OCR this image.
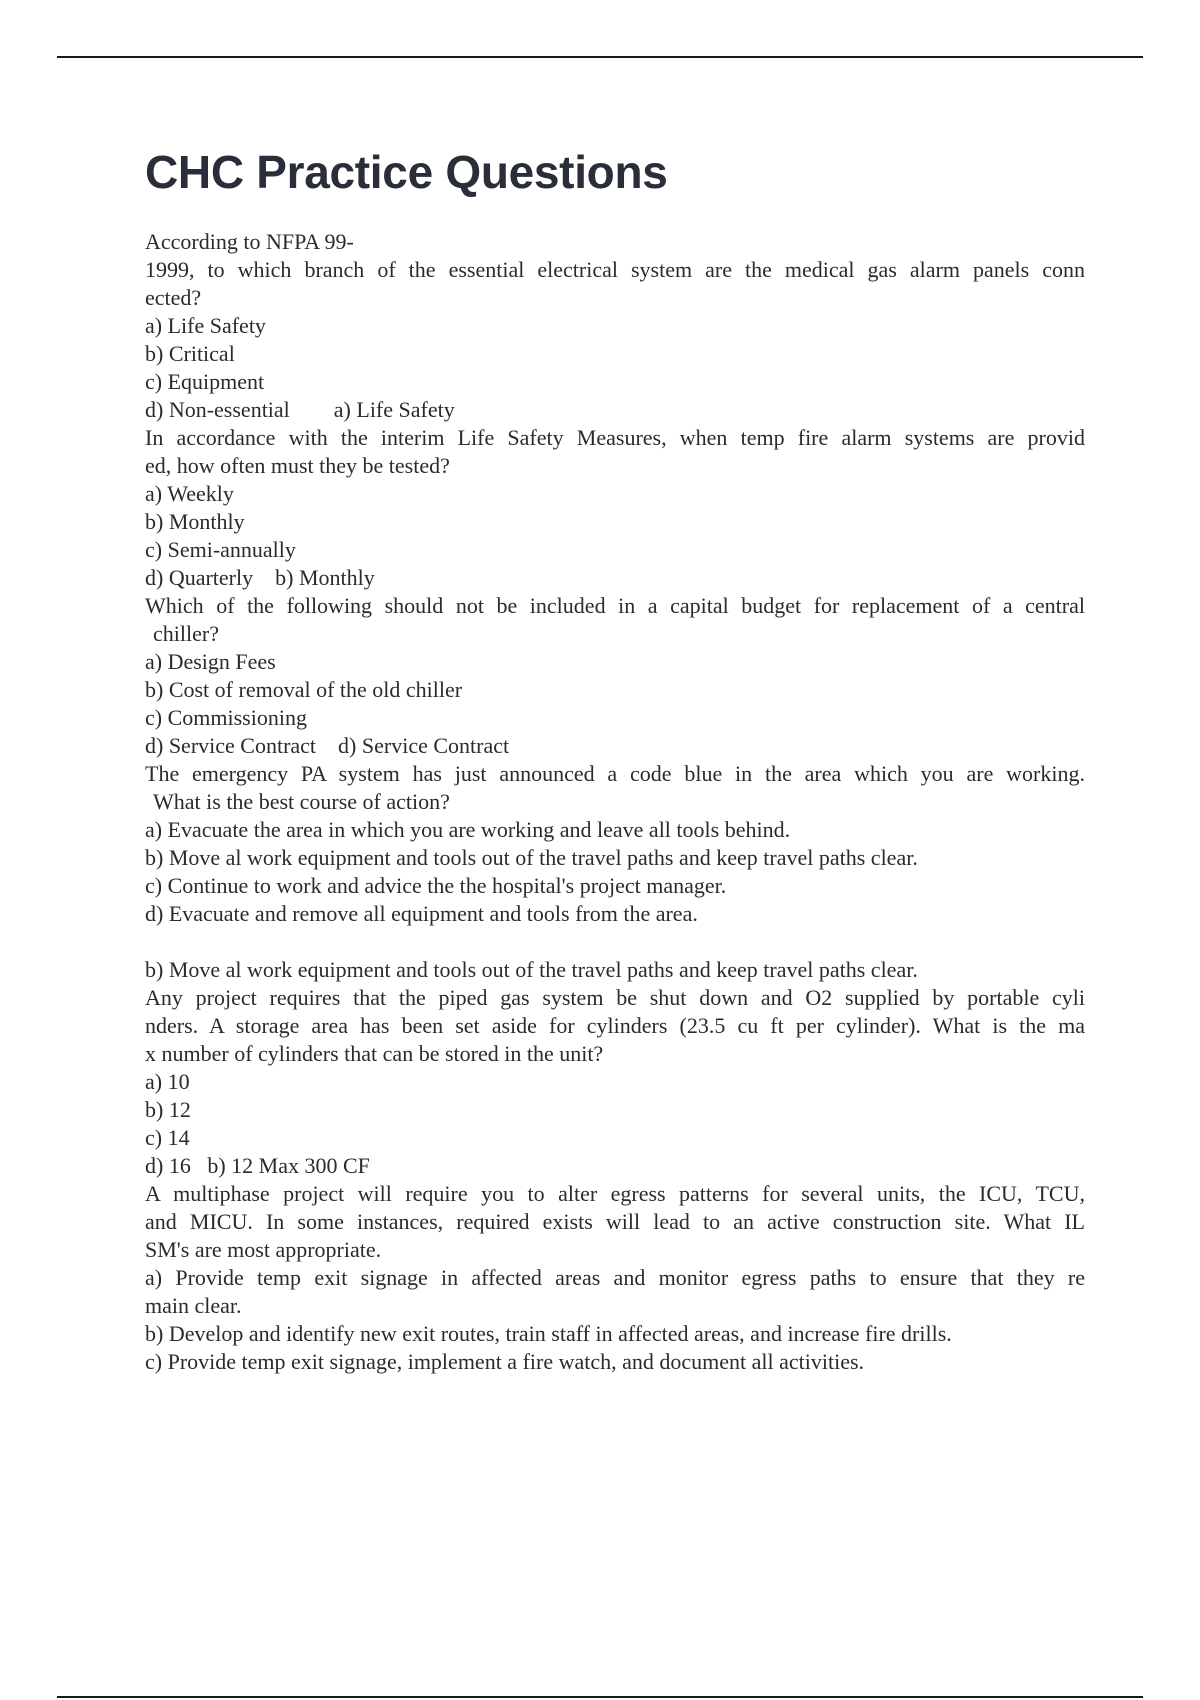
CHC Practice Questions
According to NFPA 99-
1999, to which branch of the essential electrical system are the medical gas alarm panels conn
ected?
a) Life Safety
b) Critical
c) Equipment
d) Non-essential        a) Life Safety
In accordance with the interim Life Safety Measures, when temp fire alarm systems are provid
ed, how often must they be tested?
a) Weekly
b) Monthly
c) Semi-annually
d) Quarterly    b) Monthly
Which of the following should not be included in a capital budget for replacement of a central
chiller?
a) Design Fees
b) Cost of removal of the old chiller
c) Commissioning
d) Service Contract    d) Service Contract
The emergency PA system has just announced a code blue in the area which you are working.
What is the best course of action?
a) Evacuate the area in which you are working and leave all tools behind.
b) Move al work equipment and tools out of the travel paths and keep travel paths clear.
c) Continue to work and advice the the hospital's project manager.
d) Evacuate and remove all equipment and tools from the area.
b) Move al work equipment and tools out of the travel paths and keep travel paths clear.
Any project requires that the piped gas system be shut down and O2 supplied by portable cyli
nders. A storage area has been set aside for cylinders (23.5 cu ft per cylinder). What is the ma
x number of cylinders that can be stored in the unit?
a) 10
b) 12
c) 14
d) 16   b) 12 Max 300 CF
A multiphase project will require you to alter egress patterns for several units, the ICU, TCU,
and MICU. In some instances, required exists will lead to an active construction site. What IL
SM's are most appropriate.
a) Provide temp exit signage in affected areas and monitor egress paths to ensure that they re
main clear.
b) Develop and identify new exit routes, train staff in affected areas, and increase fire drills.
c) Provide temp exit signage, implement a fire watch, and document all activities.
